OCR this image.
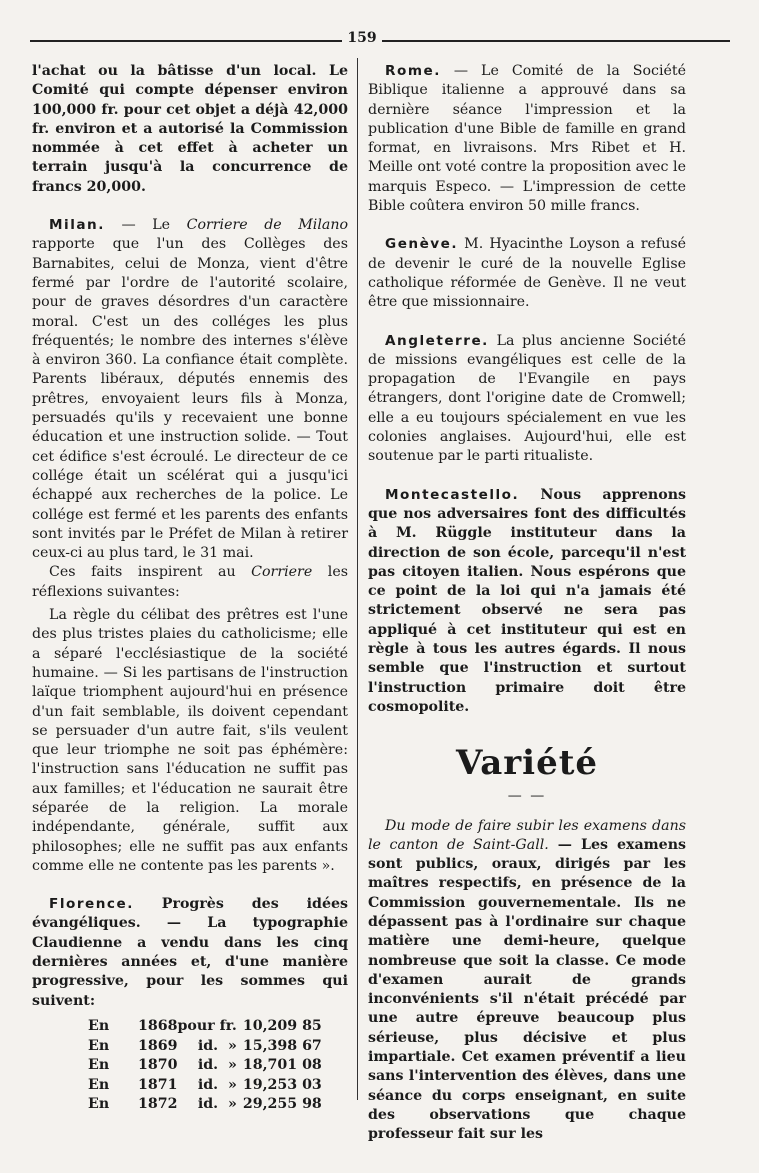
159

l'achat ou la bâtisse d'un local. Le Comité qui compte dépenser environ 100,000 fr. pour cet objet a déjà 42,000 fr. environ et a autorisé la Commission nommée à cet effet à acheter un terrain jusqu'à la concurrence de francs 20,000.

Milan. — Le Corriere de Milano rapporte que l'un des Collèges des Barnabites, celui de Monza, vient d'être fermé par l'ordre de l'autorité scolaire, pour de graves désordres d'un caractère moral. C'est un des colléges les plus fréquentés; le nombre des internes s'élève à environ 360. La confiance était complète. Parents libéraux, députés ennemis des prêtres, envoyaient leurs fils à Monza, persuadés qu'ils y recevaient une bonne éducation et une instruction solide. — Tout cet édifice s'est écroulé. Le directeur de ce collége était un scélérat qui a jusqu'ici échappé aux recherches de la police. Le collége est fermé et les parents des enfants sont invités par le Préfet de Milan à retirer ceux-ci au plus tard, le 31 mai.

Ces faits inspirent au Corriere les réflexions suivantes:

La règle du célibat des prêtres est l'une des plus tristes plaies du catholicisme; elle a séparé l'ecclésiastique de la société humaine. — Si les partisans de l'instruction laïque triomphent aujourd'hui en présence d'un fait semblable, ils doivent cependant se persuader d'un autre fait, s'ils veulent que leur triomphe ne soit pas éphémère: l'instruction sans l'éducation ne suffit pas aux familles; et l'éducation ne saurait être séparée de la religion. La morale indépendante, générale, suffit aux philosophes; elle ne suffit pas aux enfants comme elle ne contente pas les parents ».

Florence. Progrès des idées évangéliques. — La typographie Claudienne a vendu dans les cinq dernières années et, d'une manière progressive, pour les sommes qui suivent:

En	1868	pour fr.	10,209 85
En	1869	id.  »	15,398 67
En	1870	id.  »	18,701 08
En	1871	id.  »	19,253 03
En	1872	id.  »	29,255 98

Rome. — Le Comité de la Société Biblique italienne a approuvé dans sa dernière séance l'impression et la publication d'une Bible de famille en grand format, en livraisons. Mrs Ribet et H. Meille ont voté contre la proposition avec le marquis Especo. — L'impression de cette Bible coûtera environ 50 mille francs.

Genève. M. Hyacinthe Loyson a refusé de devenir le curé de la nouvelle Eglise catholique réformée de Genève. Il ne veut être que missionnaire.

Angleterre. La plus ancienne Société de missions evangéliques est celle de la propagation de l'Evangile en pays étrangers, dont l'origine date de Cromwell; elle a eu toujours spécialement en vue les colonies anglaises. Aujourd'hui, elle est soutenue par le parti ritualiste.

Montecastello. Nous apprenons que nos adversaires font des difficultés à M. Rüggle instituteur dans la direction de son école, parcequ'il n'est pas citoyen italien. Nous espérons que ce point de la loi qui n'a jamais été strictement observé ne sera pas appliqué à cet instituteur qui est en règle à tous les autres égards. Il nous semble que l'instruction et surtout l'instruction primaire doit être cosmopolite.

Variété
— —

Du mode de faire subir les examens dans le canton de Saint-Gall. — Les examens sont publics, oraux, dirigés par les maîtres respectifs, en présence de la Commission gouvernementale. Ils ne dépassent pas à l'ordinaire sur chaque matière une demi-heure, quelque nombreuse que soit la classe. Ce mode d'examen aurait de grands inconvénients s'il n'était précédé par une autre épreuve beaucoup plus sérieuse, plus décisive et plus impartiale. Cet examen préventif a lieu sans l'intervention des élèves, dans une séance du corps enseignant, en suite des observations que chaque professeur fait sur les
